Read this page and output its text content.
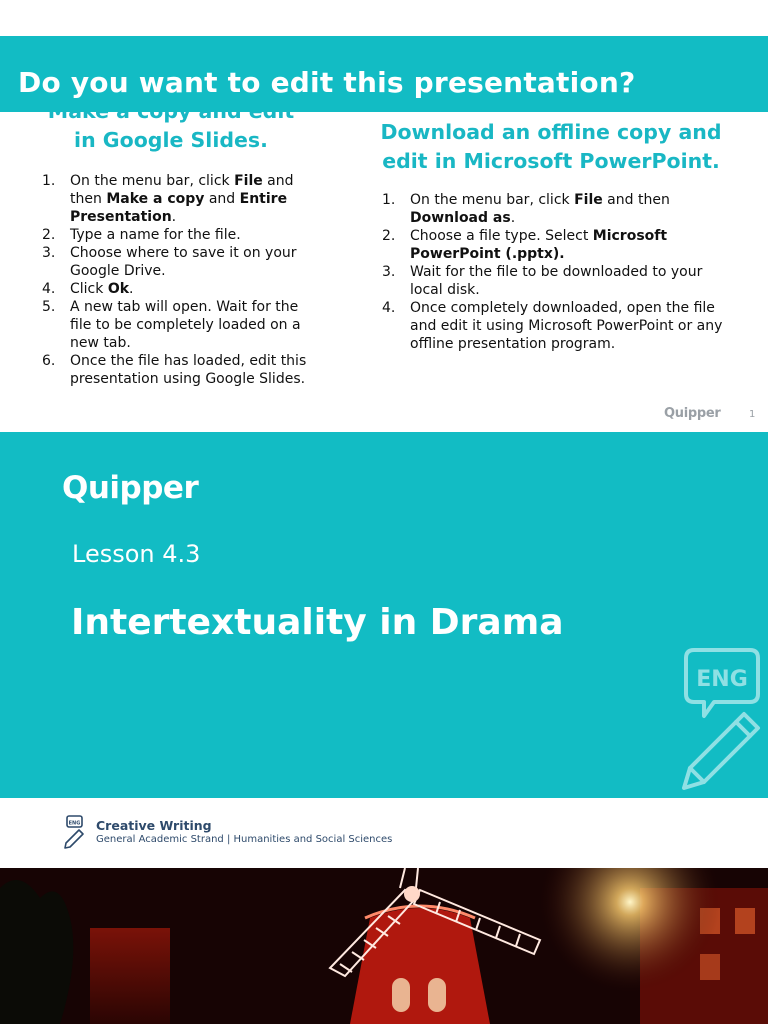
Do you want to edit this presentation?
in Google Slides.
1. On the menu bar, click File and then Make a copy and Entire Presentation.
2. Type a name for the file.
3. Choose where to save it on your Google Drive.
4. Click Ok.
5. A new tab will open. Wait for the file to be completely loaded on a new tab.
6. Once the file has loaded, edit this presentation using Google Slides.
Download an offline copy and edit in Microsoft PowerPoint.
1. On the menu bar, click File and then Download as.
2. Choose a file type. Select Microsoft PowerPoint (.pptx).
3. Wait for the file to be downloaded to your local disk.
4. Once completely downloaded, open the file and edit it using Microsoft PowerPoint or any offline presentation program.
Quipper	1
Quipper
Lesson 4.3
Intertextuality in Drama
ENG
ENG Creative Writing
General Academic Strand | Humanities and Social Sciences
